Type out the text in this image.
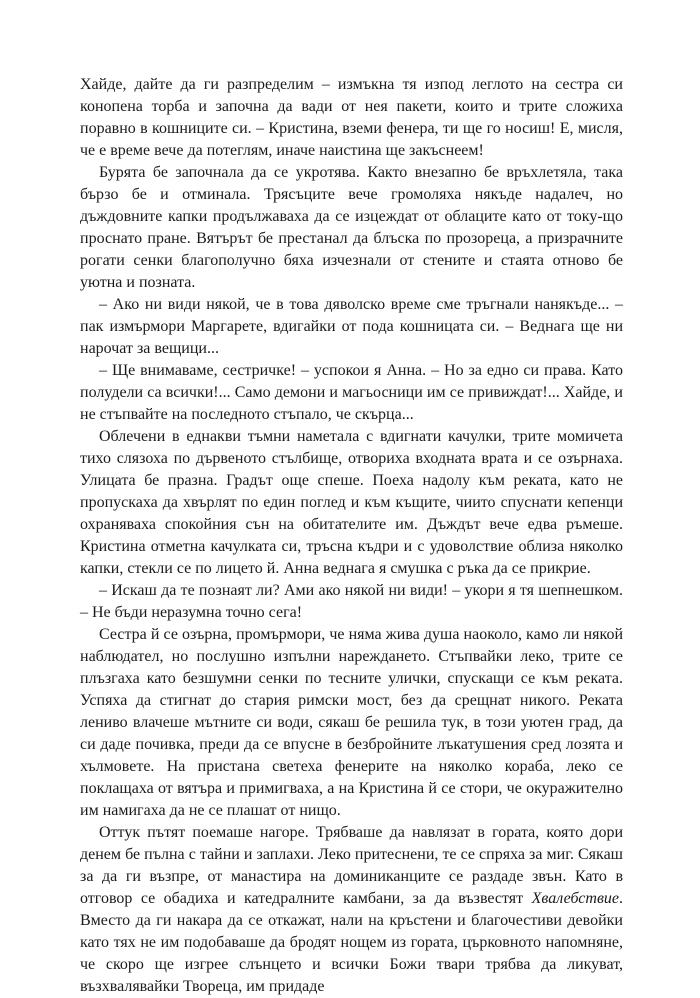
Хайде, дайте да ги разпределим – измъкна тя изпод леглото на сестра си конопена торба и започна да вади от нея пакети, които и трите сложиха поравно в кошниците си. – Кристина, вземи фенера, ти ще го носиш! Е, мисля, че е време вече да потеглям, иначе наистина ще закъснеем!

Бурята бе започнала да се укротява. Както внезапно бе връхлетяла, така бързо бе и отминала. Трясъците вече громоляха някъде надалеч, но дъждовните капки продължаваха да се изцеждат от облаците като от току-що проснато пране. Вятърът бе престанал да блъска по прозореца, а призрачните рогати сенки благополучно бяха изчезнали от стените и стаята отново бе уютна и позната.

– Ако ни види някой, че в това дяволско време сме тръгнали нанякъде... – пак измърмори Маргарете, вдигайки от пода кошницата си. – Веднага ще ни нарочат за вещици...

– Ще внимаваме, сестричке! – успокои я Анна. – Но за едно си права. Като полудели са всички!... Само демони и магьосници им се привиждат!... Хайде, и не стъпвайте на последното стъпало, че скърца...

Облечени в еднакви тъмни наметала с вдигнати качулки, трите момичета тихо слязоха по дървеното стълбище, отвориха входната врата и се озърнаха. Улицата бе празна. Градът още спеше. Поеха надолу към реката, като не пропускаха да хвърлят по един поглед и към къщите, чиито спуснати кепенци охраняваха спокойния сън на обитателите им. Дъждът вече едва ръмеше. Кристина отметна качулката си, тръсна къдри и с удоволствие облиза няколко капки, стекли се по лицето й. Анна веднага я смушка с ръка да се прикрие.

– Искаш да те познаят ли? Ами ако някой ни види! – укори я тя шепнешком. – Не бъди неразумна точно сега!

Сестра й се озърна, промърмори, че няма жива душа наоколо, камо ли някой наблюдател, но послушно изпълни нареждането. Стъпвайки леко, трите се плъзгаха като безшумни сенки по тесните улички, спускащи се към реката. Успяха да стигнат до стария римски мост, без да срещнат никого. Реката лениво влачеше мътните си води, сякаш бе решила тук, в този уютен град, да си даде почивка, преди да се впусне в безбройните лъкатушения сред лозята и хълмовете. На пристана светеха фенерите на няколко кораба, леко се поклащаха от вятъра и примигваха, а на Кристина й се стори, че окуражително им намигаха да не се плашат от нищо.

Оттук пътят поемаше нагоре. Трябваше да навлязат в гората, която дори денем бе пълна с тайни и заплахи. Леко притеснени, те се спряха за миг. Сякаш за да ги възпре, от манастира на доминиканците се раздаде звън. Като в отговор се обадиха и катедралните камбани, за да възвестят Хвалебствие. Вместо да ги накара да се откажат, нали на кръстени и благочестиви девойки като тях не им подобаваше да бродят нощем из гората, църковното напомняне, че скоро ще изгрее слънцето и всички Божи твари трябва да ликуват, възхвалявайки Твореца, им придаде
